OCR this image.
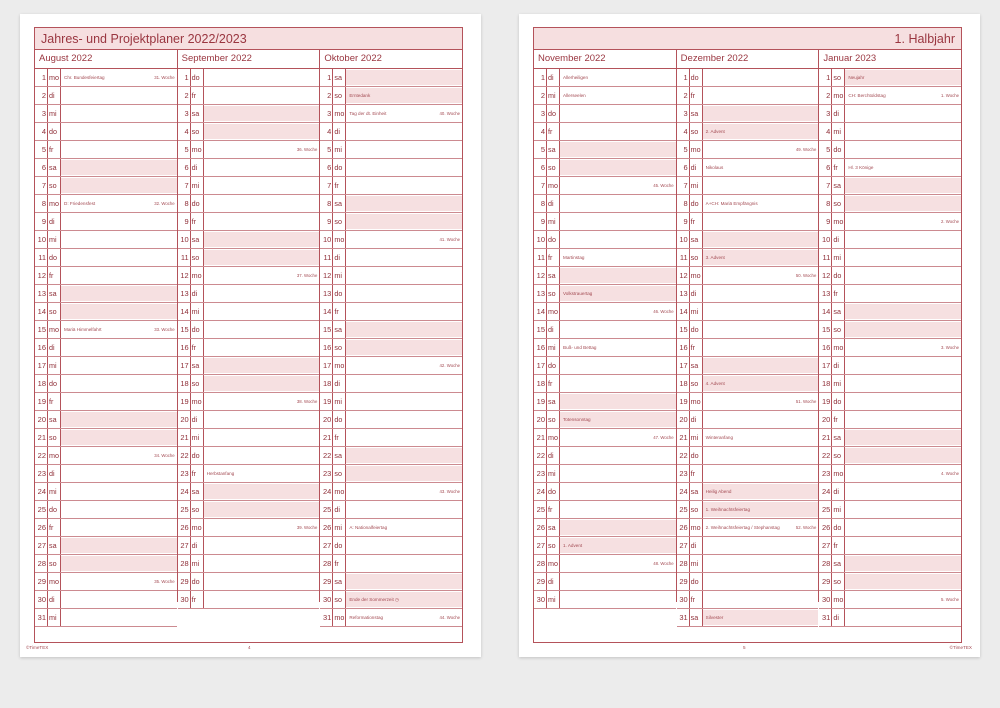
Jahres- und Projektplaner 2022/2023
August 2022
1 mo	Chr. Bundesfeiertag	31. Woche
2 di
3 mi
4 do
5 fr
6 sa
7 so
8 mo	D: Friedensfest	32. Woche
9 di
10 mi
11 do
12 fr
13 sa
14 so
15 mo	Mariä Himmelfahrt	33. Woche
16 di
17 mi
18 do
19 fr
20 sa
21 so
22 mo	34. Woche
23 di
24 mi
25 do
26 fr
27 sa
28 so
29 mo	35. Woche
30 di
31 mi
September 2022
1 do
2 fr
3 sa
4 so
5 mo	36. Woche
6 di
7 mi
8 do
9 fr
10 sa
11 so
12 mo	37. Woche
13 di
14 mi
15 do
16 fr
17 sa
18 so
19 mo	38. Woche
20 di
21 mi
22 do
23 fr	Herbstanfang
24 sa
25 so
26 mo	39. Woche
27 di
28 mi
29 do
30 fr
Oktober 2022
1 sa
2 so	Erntedank
3 mo	Tag der dt. Einheit	40. Woche
4 di
5 mi
6 do
7 fr
8 sa
9 so
10 mo	41. Woche
11 di
12 mi
13 do
14 fr
15 sa
16 so
17 mo	42. Woche
18 di
19 mi
20 do
21 fr
22 sa
23 so
24 mo	43. Woche
25 di
26 mi	A: Nationalfeiertag
27 do
28 fr
29 sa
30 so	Ende der Sommerzeit ◷
31 mo	Reformationstag	44. Woche
©TimeTEX	4
1. Halbjahr
November 2022
1 di	Allerheiligen
2 mi	Allerseelen
3 do
4 fr
5 sa
6 so
7 mo	45. Woche
8 di
9 mi
10 do
11 fr	Martinstag
12 sa
13 so	Volkstrauertag
14 mo	46. Woche
15 di
16 mi	Buß- und Bettag
17 do
18 fr
19 sa
20 so	Totensonntag
21 mo	47. Woche
22 di
23 mi
24 do
25 fr
26 sa
27 so	1. Advent
28 mo	48. Woche
29 di
30 mi
Dezember 2022
1 do
2 fr
3 sa
4 so	2. Advent
5 mo	49. Woche
6 di	Nikolaus
7 mi
8 do	A+CH: Mariä Empfängnis
9 fr
10 sa
11 so	3. Advent
12 mo	50. Woche
13 di
14 mi
15 do
16 fr
17 sa
18 so	4. Advent
19 mo	51. Woche
20 di
21 mi	Winteranfang
22 do
23 fr
24 sa	Heilig Abend
25 so	1. Weihnachtsfeiertag
26 mo	2. Weihnachtsfeiertag / Stephanstag	52. Woche
27 di
28 mi
29 do
30 fr
31 sa	Silvester
Januar 2023
1 so	Neujahr
2 mo	CH: Berchtoldstag	1. Woche
3 di
4 mi
5 do
6 fr	Hl. 3 Könige
7 sa
8 so
9 mo	2. Woche
10 di
11 mi
12 do
13 fr
14 sa
15 so
16 mo	3. Woche
17 di
18 mi
19 do
20 fr
21 sa
22 so
23 mo	4. Woche
24 di
25 mi
26 do
27 fr
28 sa
29 so
30 mo	5. Woche
31 di
5	©TimeTEX
